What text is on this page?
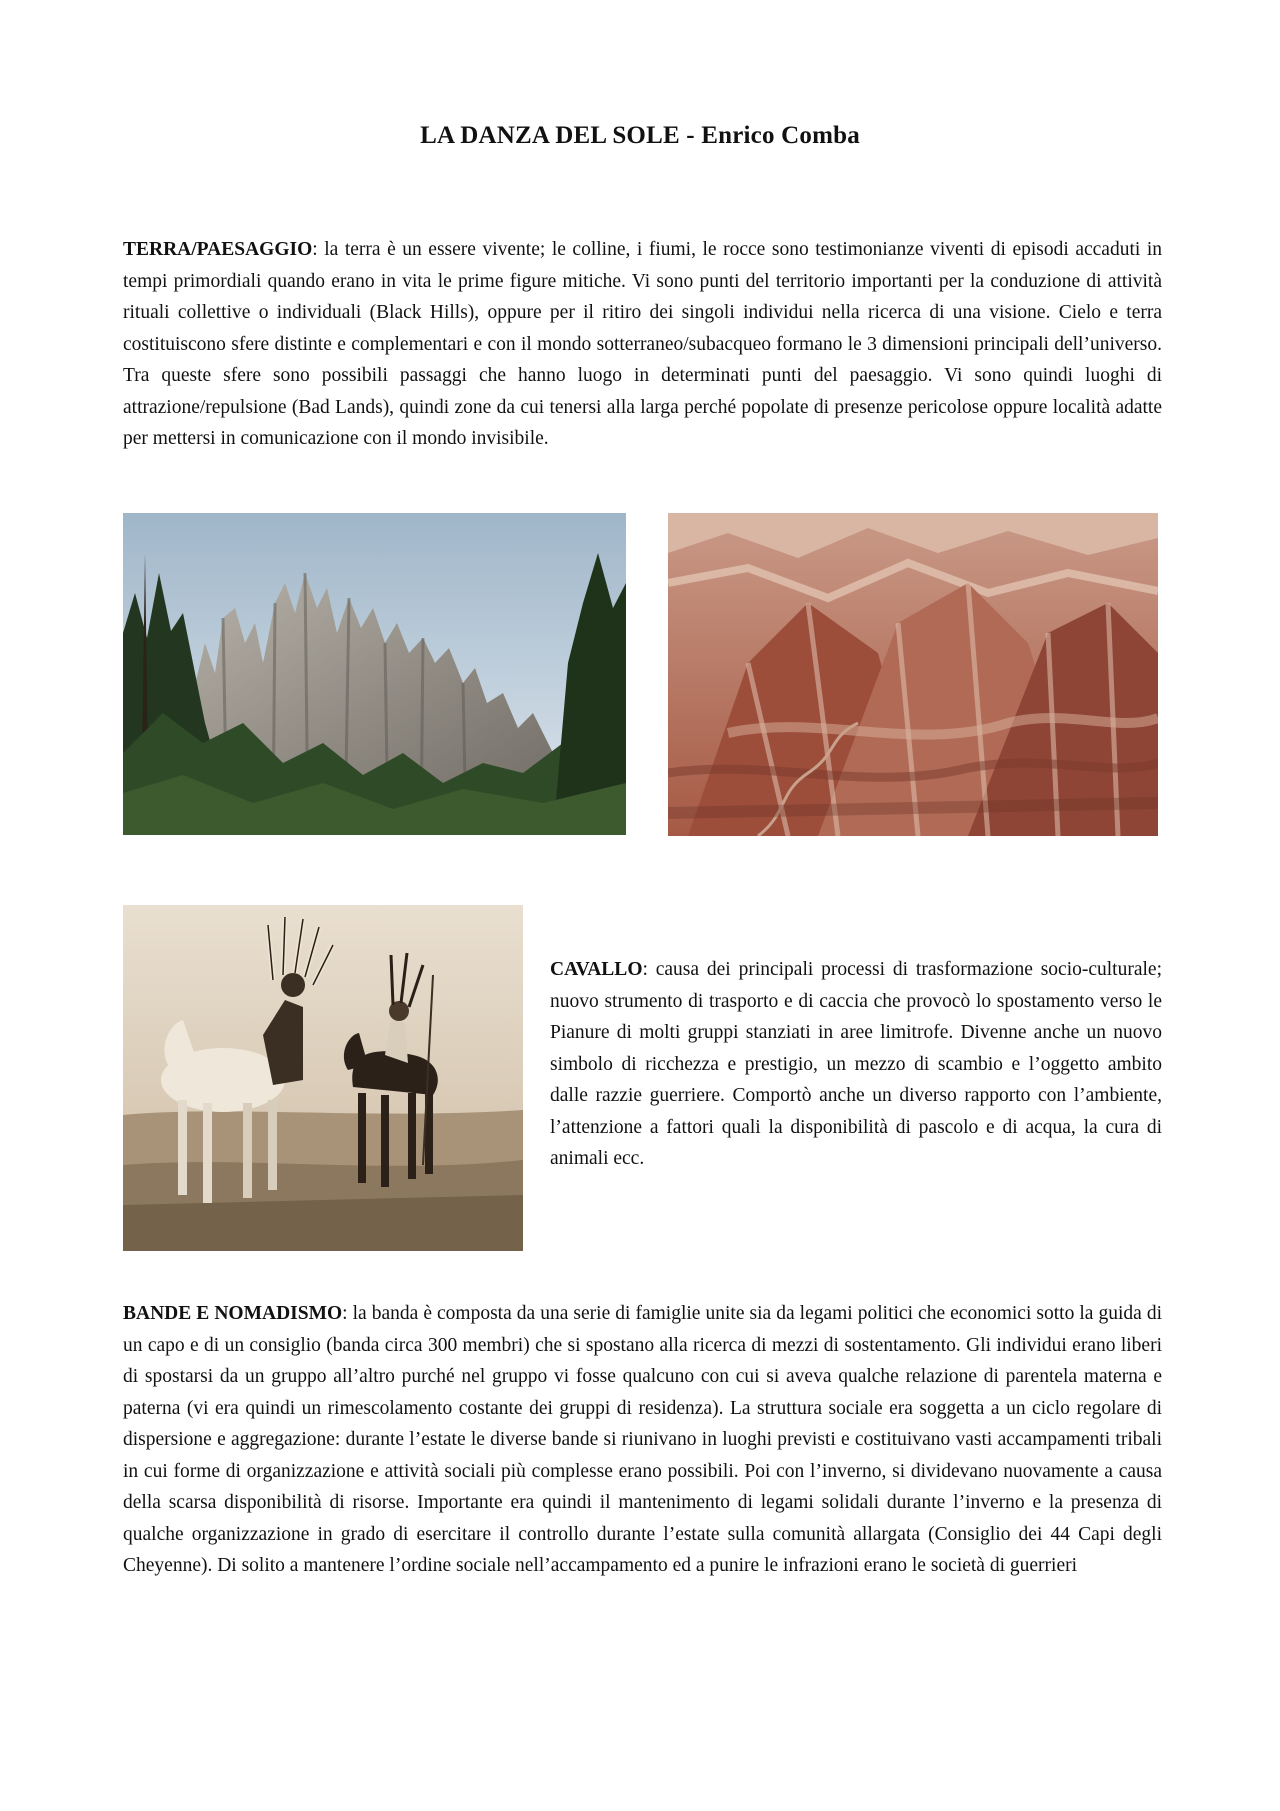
LA DANZA DEL SOLE - Enrico Comba

TERRA/PAESAGGIO: la terra è un essere vivente; le colline, i fiumi, le rocce sono testimonianze viventi di episodi accaduti in tempi primordiali quando erano in vita le prime figure mitiche. Vi sono punti del territorio importanti per la conduzione di attività rituali collettive o individuali (Black Hills), oppure per il ritiro dei singoli individui nella ricerca di una visione. Cielo e terra costituiscono sfere distinte e complementari e con il mondo sotterraneo/subacqueo formano le 3 dimensioni principali dell’universo. Tra queste sfere sono possibili passaggi che hanno luogo in determinati punti del paesaggio. Vi sono quindi luoghi di attrazione/repulsione (Bad Lands), quindi zone da cui tenersi alla larga perché popolate di presenze pericolose oppure località adatte per mettersi in comunicazione con il mondo invisibile.

CAVALLO: causa dei principali processi di trasformazione socio-culturale; nuovo strumento di trasporto e di caccia che provocò lo spostamento verso le Pianure di molti gruppi stanziati in aree limitrofe. Divenne anche un nuovo simbolo di ricchezza e prestigio, un mezzo di scambio e l’oggetto ambito dalle razzie guerriere. Comportò anche un diverso rapporto con l’ambiente, l’attenzione a fattori quali la disponibilità di pascolo e di acqua, la cura di animali ecc.

BANDE E NOMADISMO: la banda è composta da una serie di famiglie unite sia da legami politici che economici sotto la guida di un capo e di un consiglio (banda circa 300 membri) che si spostano alla ricerca di mezzi di sostentamento. Gli individui erano liberi di spostarsi da un gruppo all’altro purché nel gruppo vi fosse qualcuno con cui si aveva qualche relazione di parentela materna e paterna (vi era quindi un rimescolamento costante dei gruppi di residenza). La struttura sociale era soggetta a un ciclo regolare di dispersione e aggregazione: durante l’estate le diverse bande si riunivano in luoghi previsti e costituivano vasti accampamenti tribali in cui forme di organizzazione e attività sociali più complesse erano possibili. Poi con l’inverno, si dividevano nuovamente a causa della scarsa disponibilità di risorse. Importante era quindi il mantenimento di legami solidali durante l’inverno e la presenza di qualche organizzazione in grado di esercitare il controllo durante l’estate sulla comunità allargata (Consiglio dei 44 Capi degli Cheyenne). Di solito a mantenere l’ordine sociale nell’accampamento ed a punire le infrazioni erano le società di guerrieri
